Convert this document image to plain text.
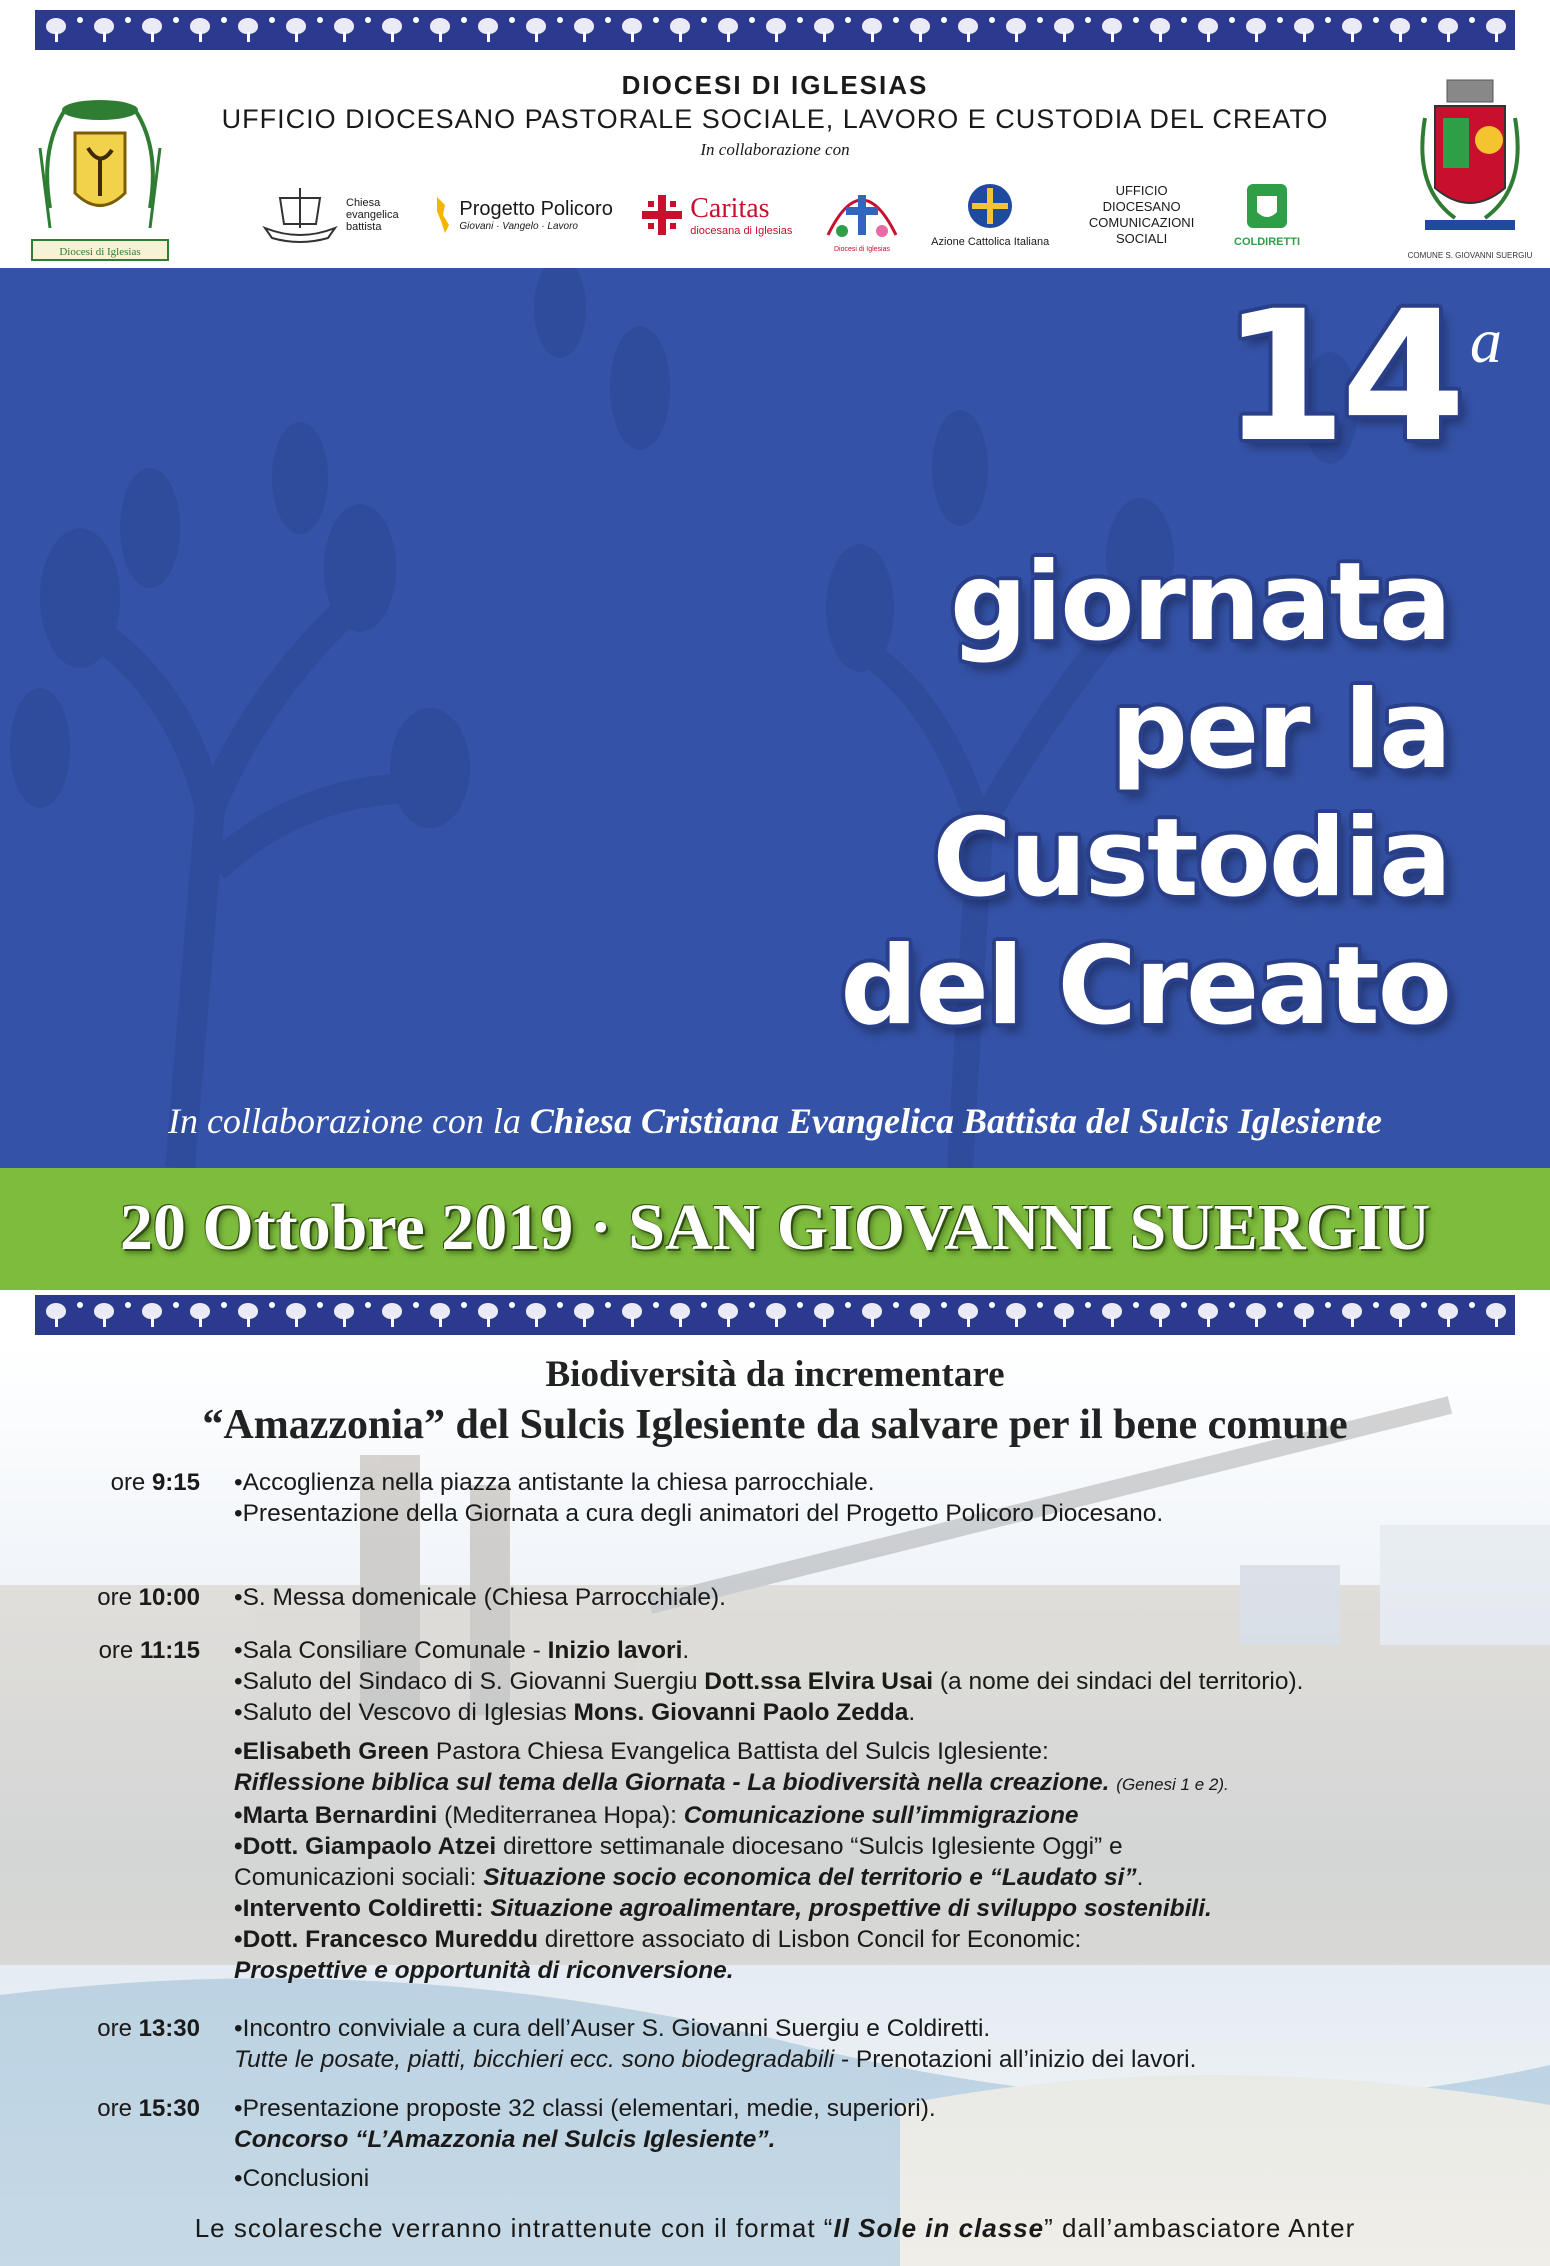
Diocesi di Iglesias
DIOCESI DI IGLESIAS
UFFICIO DIOCESANO PASTORALE SOCIALE, LAVORO E CUSTODIA DEL CREATO
In collaborazione con
Chiesa evangelica battista
Progetto Policoro
Giovani · Vangelo · Lavoro
Caritas
diocesana di Iglesias
Diocesi di Iglesias
Azione Cattolica Italiana
UFFICIO DIOCESANO COMUNICAZIONI SOCIALI	COLDIRETTI
COMUNE S. GIOVANNI SUERGIU
14 a
giornata
per la
Custodia
del Creato
In collaborazione con la Chiesa Cristiana Evangelica Battista del Sulcis Iglesiente
20 Ottobre 2019 · SAN GIOVANNI SUERGIU
Biodiversità da incrementare
“Amazzonia” del Sulcis Iglesiente da salvare per il bene comune
ore 9:15 •Accoglienza nella piazza antistante la chiesa parrocchiale.
•Presentazione della Giornata a cura degli animatori del Progetto Policoro Diocesano.
ore 10:00 •S. Messa domenicale (Chiesa Parrocchiale).
ore 11:15 •Sala Consiliare Comunale - Inizio lavori.
•Saluto del Sindaco di S. Giovanni Suergiu Dott.ssa Elvira Usai (a nome dei sindaci del territorio).
•Saluto del Vescovo di Iglesias Mons. Giovanni Paolo Zedda.
•Elisabeth Green Pastora Chiesa Evangelica Battista del Sulcis Iglesiente:
Riflessione biblica sul tema della Giornata - La biodiversità nella creazione. (Genesi 1 e 2).
•Marta Bernardini (Mediterranea Hopa): Comunicazione sull’immigrazione
•Dott. Giampaolo Atzei direttore settimanale diocesano “Sulcis Iglesiente Oggi” e
Comunicazioni sociali: Situazione socio economica del territorio e “Laudato si”.
•Intervento Coldiretti: Situazione agroalimentare, prospettive di sviluppo sostenibili.
•Dott. Francesco Mureddu direttore associato di Lisbon Concil for Economic:
Prospettive e opportunità di riconversione.
ore 13:30 •Incontro conviviale a cura dell’Auser S. Giovanni Suergiu e Coldiretti.
Tutte le posate, piatti, bicchieri ecc. sono biodegradabili - Prenotazioni all’inizio dei lavori.
ore 15:30 •Presentazione proposte 32 classi (elementari, medie, superiori).
Concorso “L’Amazzonia nel Sulcis Iglesiente”.
•Conclusioni
Le scolaresche verranno intrattenute con il format “Il Sole in classe” dall’ambasciatore Anter
